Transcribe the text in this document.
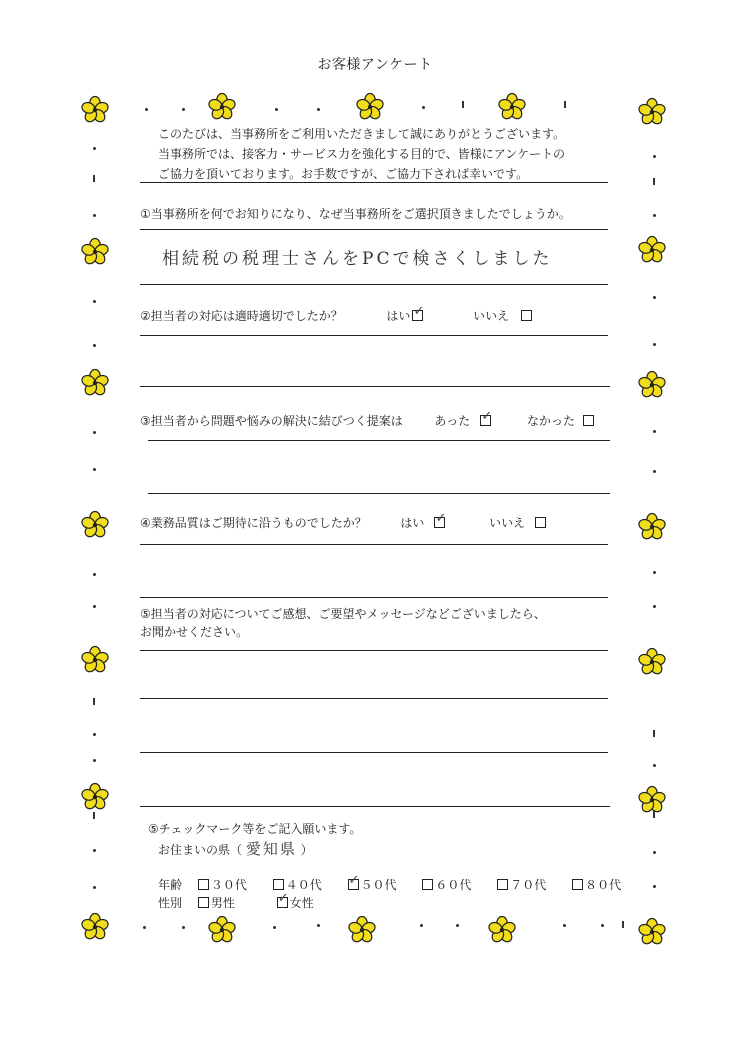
お客様アンケート
このたびは、当事務所をご利用いただきまして誠にありがとうございます。
当事務所では、接客力・サービス力を強化する目的で、皆様にアンケートの
ご協力を頂いております。お手数ですが、ご協力下されば幸いです。
①当事務所を何でお知りになり、なぜ当事務所をご選択頂きましたでしょうか。
相続税の税理士さんをPCで検さくしました
②担当者の対応は適時適切でしたか？	はい ✓	いいえ
③担当者から問題や悩みの解決に結びつく提案は	あった ✓	なかった
④業務品質はご期待に沿うものでしたか？	はい ✓	いいえ
⑤担当者の対応についてご感想、ご要望やメッセージなどございましたら、
お聞かせください。
⑤チェックマーク等をご記入願います。
お住まいの県（ 愛知県 ）
年齢 ３０代	４０代 ✓	５０代	６０代	７０代	８０代
性別 男性 ✓	女性
